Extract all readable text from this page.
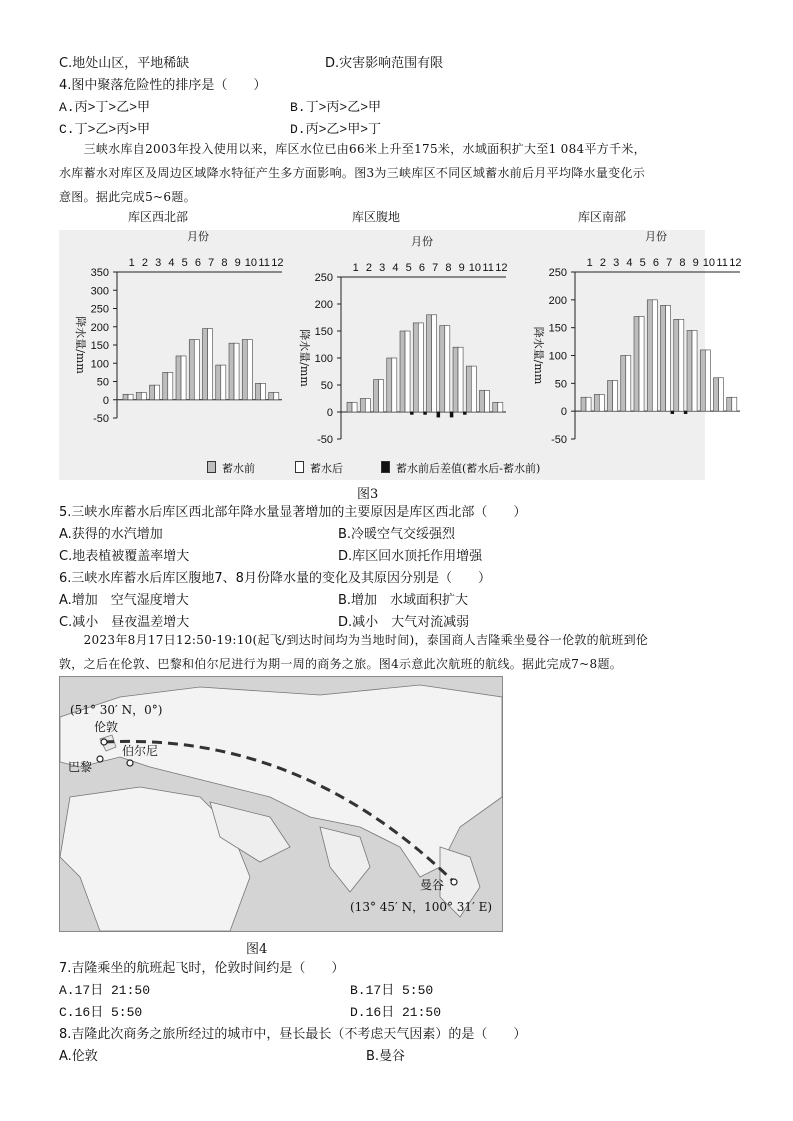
C.地处山区，平地稀缺	D.灾害影响范围有限
4.图中聚落危险性的排序是（　　）
A.丙>丁>乙>甲	B.丁>丙>乙>甲
C.丁>乙>丙>甲	D.丙>乙>甲>丁
　　三峡水库自2003年投入使用以来，库区水位已由66米上升至175米，水域面积扩大至1 084平方千米，
水库蓄水对库区及周边区域降水特征产生多方面影响。图3为三峡库区不同区域蓄水前后月平均降水量变化示
意图。据此完成5~6题。
库区西北部	库区腹地	库区南部
350
300
250
200
150
100
50
0
-50
降水量/mm
月份
1 2 3 4 5 6 7 8 9 10 11 12
250
200
150
100
50
0
-50
降水量/mm
月份
1 2 3 4 5 6 7 8 9 10 11 12	250
200
150
100
50
0
-50
降水量/mm
月份
1 2 3 4 5 6 7 8 9 10 11 12
蓄水前	蓄水后	蓄水前后差值(蓄水后-蓄水前)
图3
5.三峡水库蓄水后库区西北部年降水量显著增加的主要原因是库区西北部（　　）
A.获得的水汽增加	B.冷暖空气交绥强烈
C.地表植被覆盖率增大	D.库区回水顶托作用增强
6.三峡水库蓄水后库区腹地7、8月份降水量的变化及其原因分别是（　　）
A.增加　空气湿度增大	B.增加　水域面积扩大
C.减小　昼夜温差增大	D.减小　大气对流减弱
　　2023年8月17日12:50-19:10(起飞/到达时间均为当地时间)，泰国商人吉隆乘坐曼谷一伦敦的航班到伦
敦，之后在伦敦、巴黎和伯尔尼进行为期一周的商务之旅。图4示意此次航班的航线。据此完成7~8题。
(51° 30′ N，0°)
伦敦
巴黎
伯尔尼
曼谷
(13° 45′ N，100° 31′ E)
图4
7.吉隆乘坐的航班起飞时，伦敦时间约是（　　）
A.17日 21:50	B.17日 5:50
C.16日 5:50	D.16日 21:50
8.吉隆此次商务之旅所经过的城市中，昼长最长（不考虑天气因素）的是（　　）
A.伦敦	B.曼谷
